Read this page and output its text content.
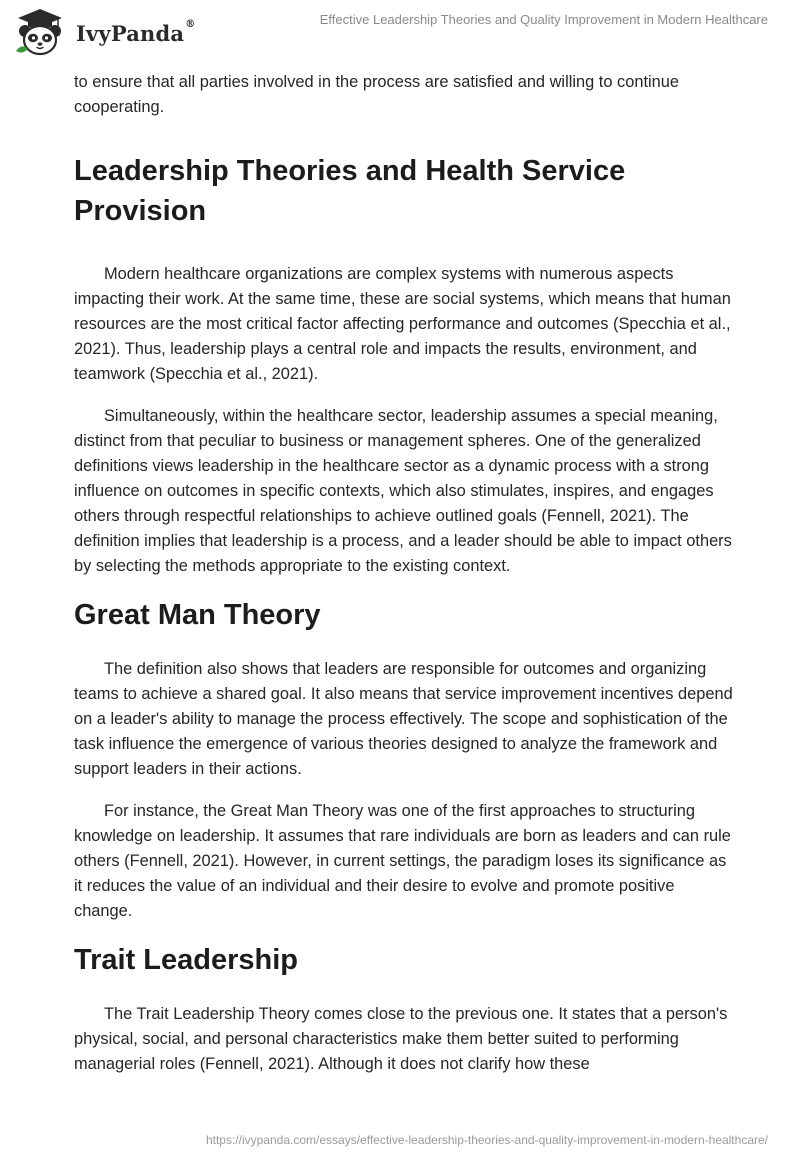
IvyPanda®	Effective Leadership Theories and Quality Improvement in Modern Healthcare

to ensure that all parties involved in the process are satisfied and willing to continue cooperating.

Leadership Theories and Health Service Provision

Modern healthcare organizations are complex systems with numerous aspects impacting their work. At the same time, these are social systems, which means that human resources are the most critical factor affecting performance and outcomes (Specchia et al., 2021). Thus, leadership plays a central role and impacts the results, environment, and teamwork (Specchia et al., 2021).

Simultaneously, within the healthcare sector, leadership assumes a special meaning, distinct from that peculiar to business or management spheres. One of the generalized definitions views leadership in the healthcare sector as a dynamic process with a strong influence on outcomes in specific contexts, which also stimulates, inspires, and engages others through respectful relationships to achieve outlined goals (Fennell, 2021). The definition implies that leadership is a process, and a leader should be able to impact others by selecting the methods appropriate to the existing context.

Great Man Theory

The definition also shows that leaders are responsible for outcomes and organizing teams to achieve a shared goal. It also means that service improvement incentives depend on a leader's ability to manage the process effectively. The scope and sophistication of the task influence the emergence of various theories designed to analyze the framework and support leaders in their actions.

For instance, the Great Man Theory was one of the first approaches to structuring knowledge on leadership. It assumes that rare individuals are born as leaders and can rule others (Fennell, 2021). However, in current settings, the paradigm loses its significance as it reduces the value of an individual and their desire to evolve and promote positive change.

Trait Leadership

The Trait Leadership Theory comes close to the previous one. It states that a person's physical, social, and personal characteristics make them better suited to performing managerial roles (Fennell, 2021). Although it does not clarify how these

https://ivypanda.com/essays/effective-leadership-theories-and-quality-improvement-in-modern-healthcare/
